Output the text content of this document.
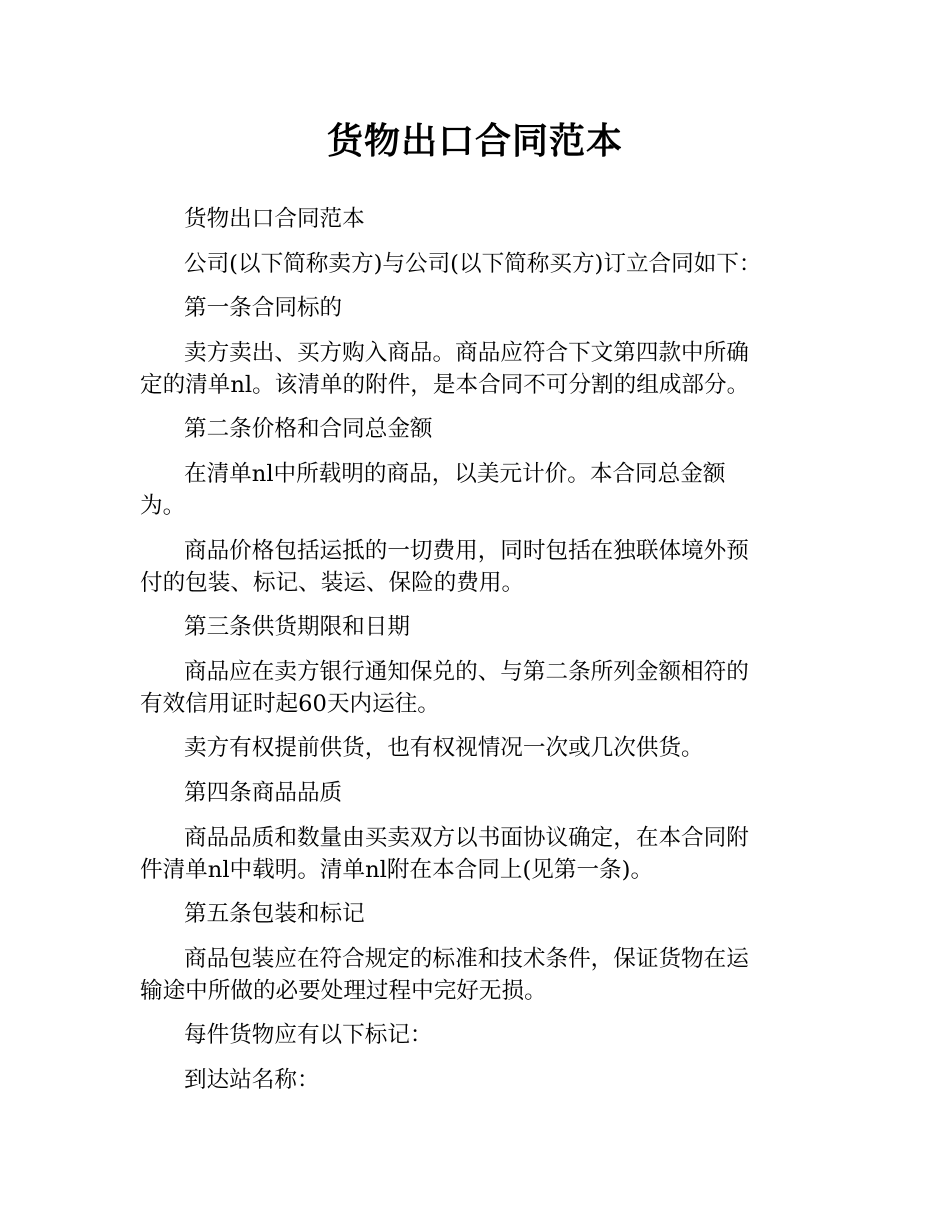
货物出口合同范本

货物出口合同范本

公司(以下简称卖方)与公司(以下简称买方)订立合同如下：

第一条合同标的

卖方卖出、买方购入商品。商品应符合下文第四款中所确
定的清单nl。该清单的附件，是本合同不可分割的组成部分。

第二条价格和合同总金额

在清单nl中所载明的商品，以美元计价。本合同总金额
为。

商品价格包括运抵的一切费用，同时包括在独联体境外预
付的包装、标记、装运、保险的费用。

第三条供货期限和日期

商品应在卖方银行通知保兑的、与第二条所列金额相符的
有效信用证时起60天内运往。

卖方有权提前供货，也有权视情况一次或几次供货。

第四条商品品质

商品品质和数量由买卖双方以书面协议确定，在本合同附
件清单nl中载明。清单nl附在本合同上(见第一条)。

第五条包装和标记

商品包装应在符合规定的标准和技术条件，保证货物在运
输途中所做的必要处理过程中完好无损。

每件货物应有以下标记：

到达站名称：
